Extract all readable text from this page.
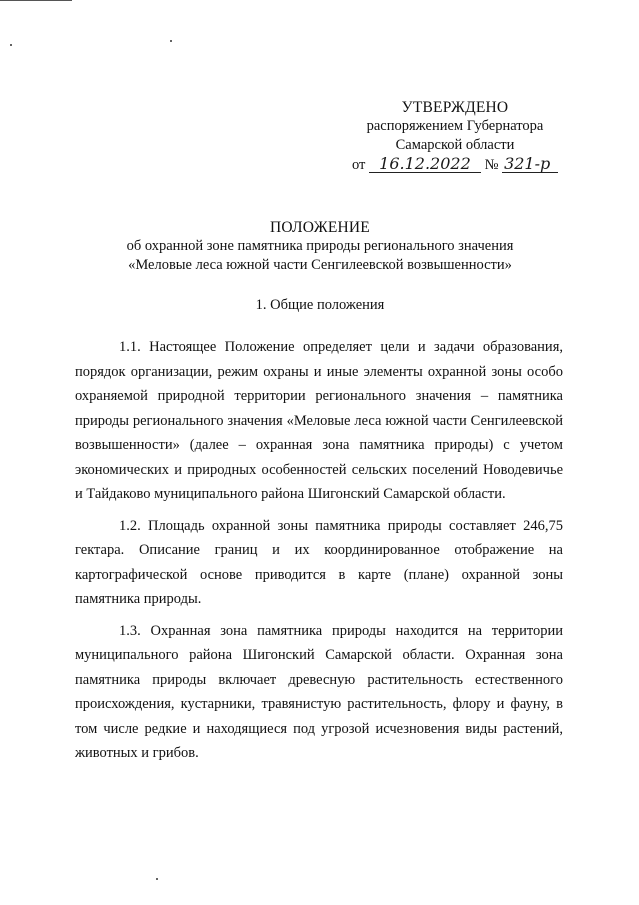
УТВЕРЖДЕНО
распоряжением Губернатора
Самарской области
от 16.12.2022 № 321-р
ПОЛОЖЕНИЕ
об охранной зоне памятника природы регионального значения
«Меловые леса южной части Сенгилеевской возвышенности»
1. Общие положения

1.1. Настоящее Положение определяет цели и задачи образования, порядок организации, режим охраны и иные элементы охранной зоны особо охраняемой природной территории регионального значения – памятника природы регионального значения «Меловые леса южной части Сенгилеевской возвышенности» (далее – охранная зона памятника природы) с учетом экономических и природных особенностей сельских поселений Новодевичье и Тайдаково муниципального района Шигонский Самарской области.

1.2. Площадь охранной зоны памятника природы составляет 246,75 гектара. Описание границ и их координированное отображение на картографической основе приводится в карте (плане) охранной зоны памятника природы.

1.3. Охранная зона памятника природы находится на территории муниципального района Шигонский Самарской области. Охранная зона памятника природы включает древесную растительность естественного происхождения, кустарники, травянистую растительность, флору и фауну, в том числе редкие и находящиеся под угрозой исчезновения виды растений, животных и грибов.
